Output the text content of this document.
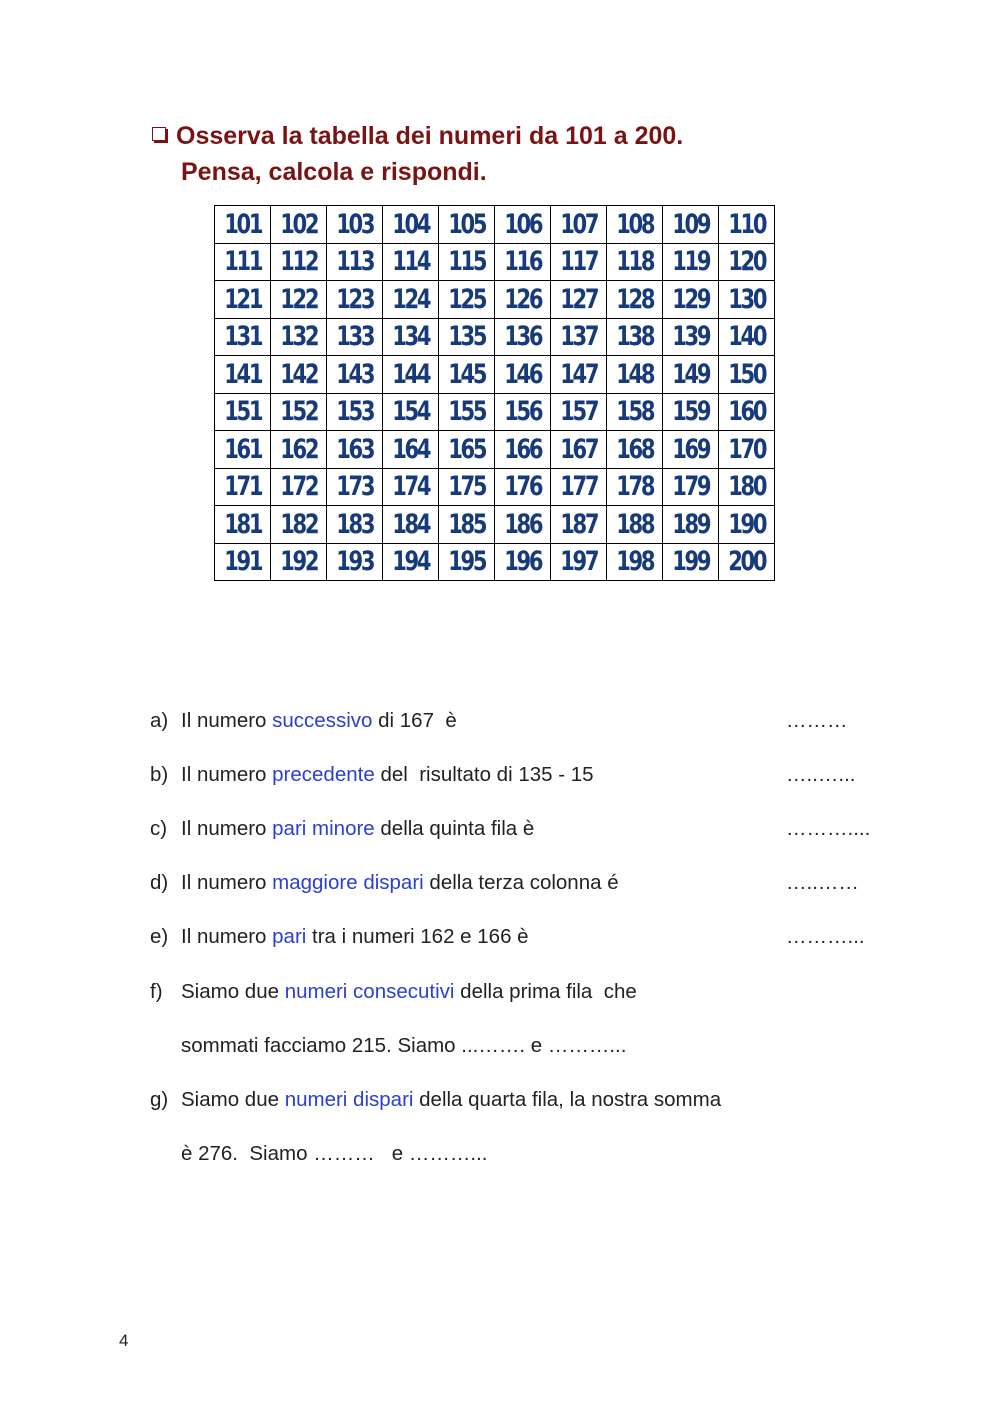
Osserva la tabella dei numeri da 101 a 200.
Pensa, calcola e rispondi.
101	102	103	104	105	106	107	108	109	110
111	112	113	114	115	116	117	118	119	120
121	122	123	124	125	126	127	128	129	130
131	132	133	134	135	136	137	138	139	140
141	142	143	144	145	146	147	148	149	150
151	152	153	154	155	156	157	158	159	160
161	162	163	164	165	166	167	168	169	170
171	172	173	174	175	176	177	178	179	180
181	182	183	184	185	186	187	188	189	190
191	192	193	194	195	196	197	198	199	200
a) Il numero successivo di 167  è	………
b) Il numero precedente del  risultato di 135 - 15	…..…...
c) Il numero pari minore della quinta fila è	………....
d) Il numero maggiore dispari della terza colonna é	…..……
e) Il numero pari tra i numeri 162 e 166 è	………...
f) Siamo due numeri consecutivi della prima fila  che
sommati facciamo 215. Siamo ...……. e ………...
g) Siamo due numeri dispari della quarta fila, la nostra somma
è 276.  Siamo ………   e ………...
4
